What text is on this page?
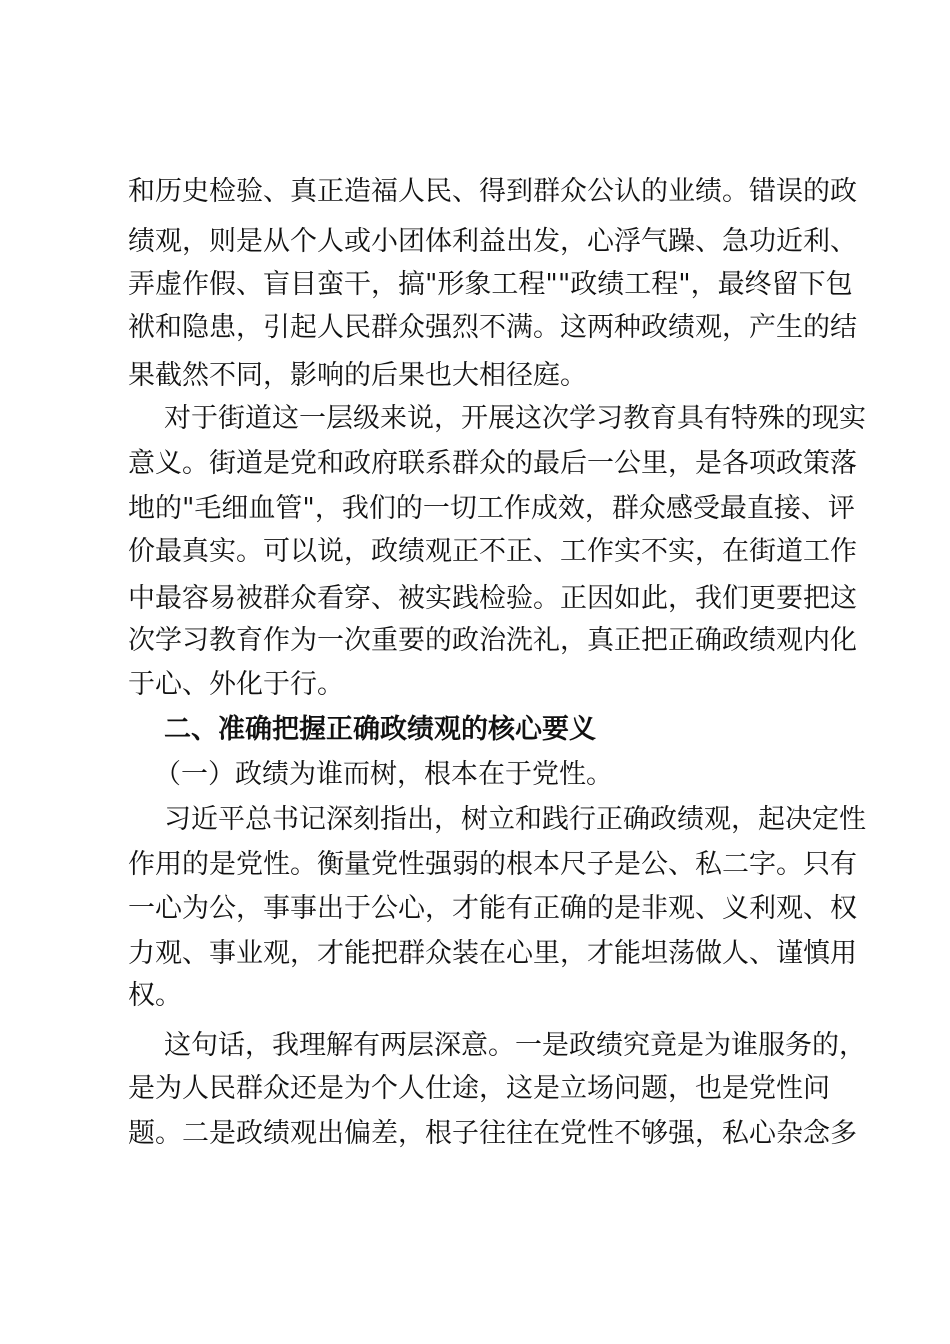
和历史检验、真正造福人民、得到群众公认的业绩。错误的政
绩观，则是从个人或小团体利益出发，心浮气躁、急功近利、
弄虚作假、盲目蛮干，搞"形象工程""政绩工程"，最终留下包
袱和隐患，引起人民群众强烈不满。这两种政绩观，产生的结
果截然不同，影响的后果也大相径庭。
对于街道这一层级来说，开展这次学习教育具有特殊的现实
意义。街道是党和政府联系群众的最后一公里，是各项政策落
地的"毛细血管"，我们的一切工作成效，群众感受最直接、评
价最真实。可以说，政绩观正不正、工作实不实，在街道工作
中最容易被群众看穿、被实践检验。正因如此，我们更要把这
次学习教育作为一次重要的政治洗礼，真正把正确政绩观内化
于心、外化于行。
二、准确把握正确政绩观的核心要义
（一）政绩为谁而树，根本在于党性。
习近平总书记深刻指出，树立和践行正确政绩观，起决定性
作用的是党性。衡量党性强弱的根本尺子是公、私二字。只有
一心为公，事事出于公心，才能有正确的是非观、义利观、权
力观、事业观，才能把群众装在心里，才能坦荡做人、谨慎用
权。
这句话，我理解有两层深意。一是政绩究竟是为谁服务的，
是为人民群众还是为个人仕途，这是立场问题，也是党性问
题。二是政绩观出偏差，根子往往在党性不够强，私心杂念多
